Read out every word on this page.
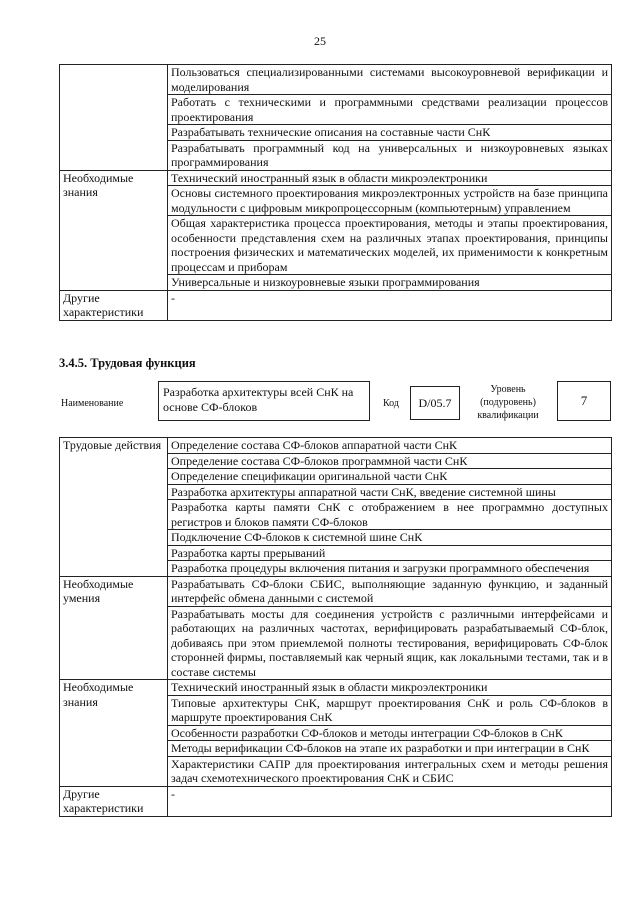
25
	Пользоваться специализированными системами высокоуровневой верификации и моделирования
	Работать с техническими и программными средствами реализации процессов проектирования
	Разрабатывать технические описания на составные части СнК
	Разрабатывать программный код на универсальных и низкоуровневых языках программирования
Необходимые знания	Технический иностранный язык в области микроэлектроники
	Основы системного проектирования микроэлектронных устройств на базе принципа модульности с цифровым микропроцессорным (компьютерным) управлением
	Общая характеристика процесса проектирования, методы и этапы проектирования, особенности представления схем на различных этапах проектирования, принципы построения физических и математических моделей, их применимости к конкретным процессам и приборам
	Универсальные и низкоуровневые языки программирования
Другие характеристики	-
3.4.5. Трудовая функция
Наименование
Разработка архитектуры всей СнК на основе СФ-блоков	Код	D/05.7
Уровень (подуровень) квалификации
7
Трудовые действия	Определение состава СФ-блоков аппаратной части СнК
	Определение состава СФ-блоков программной части СнК
	Определение спецификации оригинальной части СнК
	Разработка архитектуры аппаратной части СнК, введение системной шины
	Разработка карты памяти СнК с отображением в нее программно доступных регистров и блоков памяти СФ-блоков
	Подключение СФ-блоков к системной шине СнК
	Разработка карты прерываний
	Разработка процедуры включения питания и загрузки программного обеспечения
Необходимые умения	Разрабатывать СФ-блоки СБИС, выполняющие заданную функцию, и заданный интерфейс обмена данными с системой
	Разрабатывать мосты для соединения устройств с различными интерфейсами и работающих на различных частотах, верифицировать разрабатываемый СФ-блок, добиваясь при этом приемлемой полноты тестирования, верифицировать СФ-блок сторонней фирмы, поставляемый как черный ящик, как локальными тестами, так и в составе системы
Необходимые знания	Технический иностранный язык в области микроэлектроники
	Типовые архитектуры СнК, маршрут проектирования СнК и роль СФ-блоков в маршруте проектирования СнК
	Особенности разработки СФ-блоков и методы интеграции СФ-блоков в СнК
	Методы верификации СФ-блоков на этапе их разработки и при интеграции в СнК
	Характеристики САПР для проектирования интегральных схем и методы решения задач схемотехнического проектирования СнК и СБИС
Другие характеристики	-
